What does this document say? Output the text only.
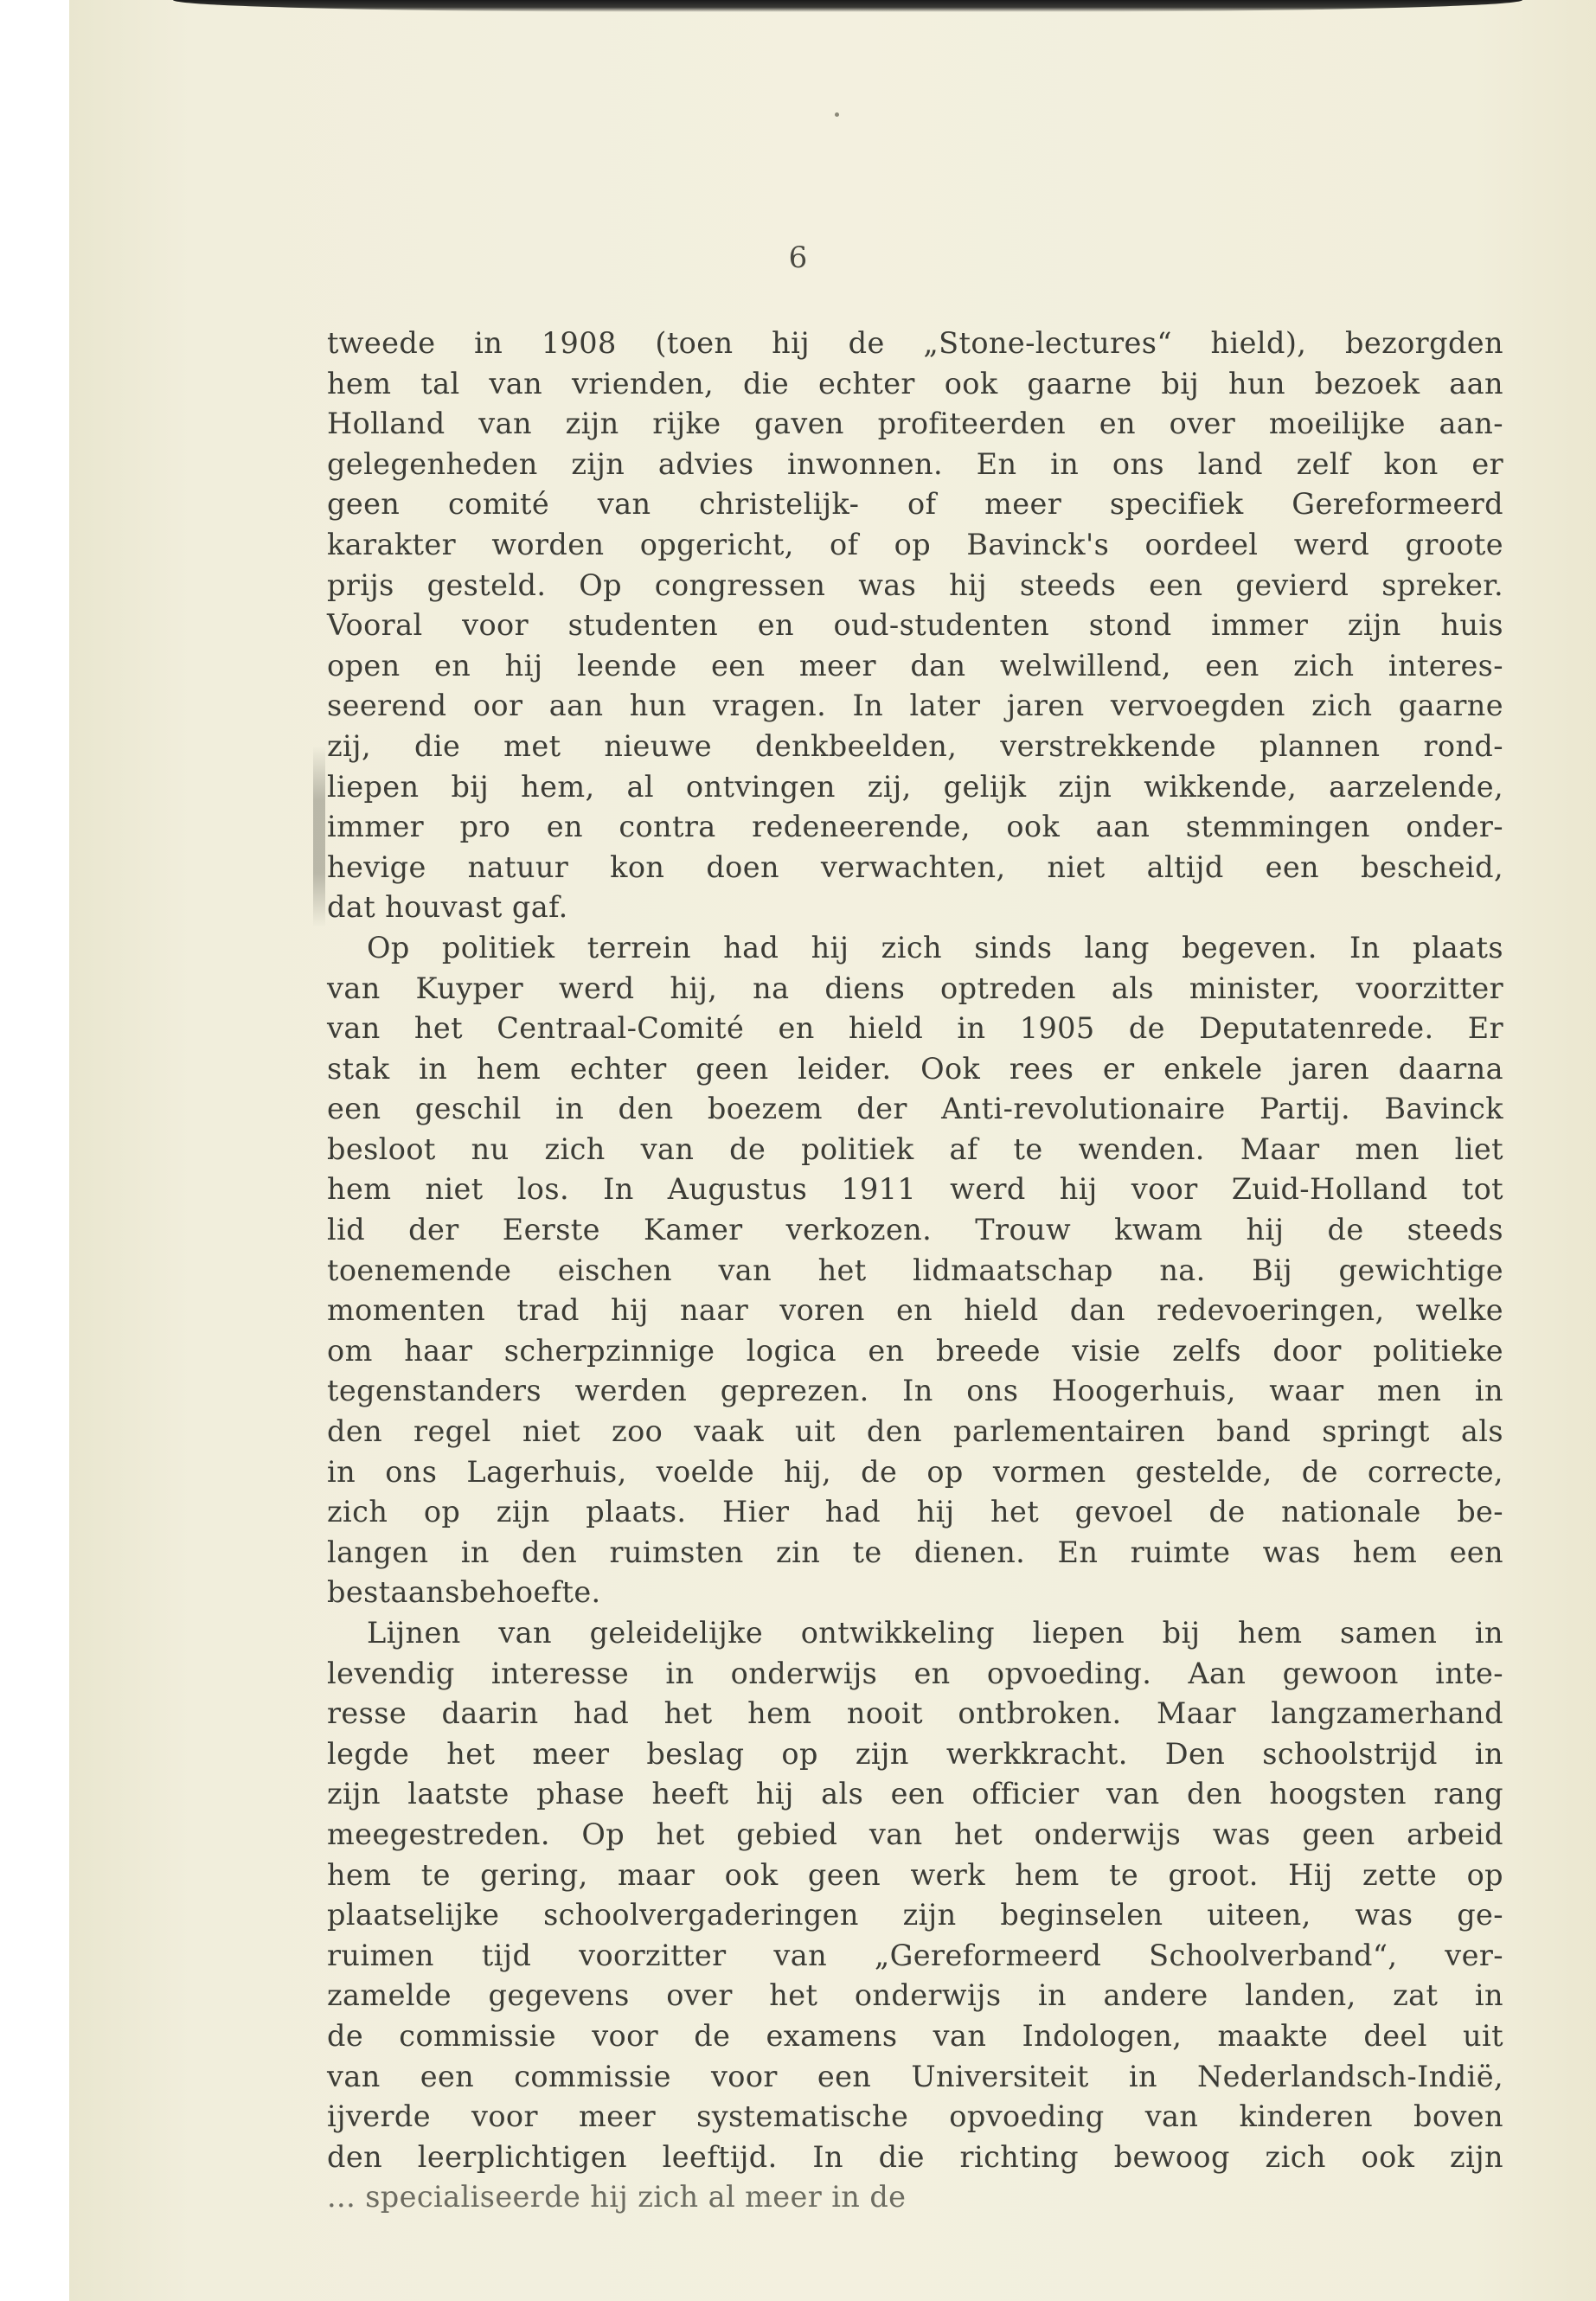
6
tweede in 1908 (toen hij de „Stone-lectures“ hield), bezorgden
hem tal van vrienden, die echter ook gaarne bij hun bezoek aan
Holland van zijn rijke gaven profiteerden en over moeilijke aan-
gelegenheden zijn advies inwonnen. En in ons land zelf kon er
geen comité van christelijk- of meer specifiek Gereformeerd
karakter worden opgericht, of op Bavinck's oordeel werd groote
prijs gesteld. Op congressen was hij steeds een gevierd spreker.
Vooral voor studenten en oud-studenten stond immer zijn huis
open en hij leende een meer dan welwillend, een zich interes-
seerend oor aan hun vragen. In later jaren vervoegden zich gaarne
zij, die met nieuwe denkbeelden, verstrekkende plannen rond-
liepen bij hem, al ontvingen zij, gelijk zijn wikkende, aarzelende,
immer pro en contra redeneerende, ook aan stemmingen onder-
hevige natuur kon doen verwachten, niet altijd een bescheid,
dat houvast gaf.
Op politiek terrein had hij zich sinds lang begeven. In plaats
van Kuyper werd hij, na diens optreden als minister, voorzitter
van het Centraal-Comité en hield in 1905 de Deputatenrede. Er
stak in hem echter geen leider. Ook rees er enkele jaren daarna
een geschil in den boezem der Anti-revolutionaire Partij. Bavinck
besloot nu zich van de politiek af te wenden. Maar men liet
hem niet los. In Augustus 1911 werd hij voor Zuid-Holland tot
lid der Eerste Kamer verkozen. Trouw kwam hij de steeds
toenemende eischen van het lidmaatschap na. Bij gewichtige
momenten trad hij naar voren en hield dan redevoeringen, welke
om haar scherpzinnige logica en breede visie zelfs door politieke
tegenstanders werden geprezen. In ons Hoogerhuis, waar men in
den regel niet zoo vaak uit den parlementairen band springt als
in ons Lagerhuis, voelde hij, de op vormen gestelde, de correcte,
zich op zijn plaats. Hier had hij het gevoel de nationale be-
langen in den ruimsten zin te dienen. En ruimte was hem een
bestaansbehoefte.
Lijnen van geleidelijke ontwikkeling liepen bij hem samen in
levendig interesse in onderwijs en opvoeding. Aan gewoon inte-
resse daarin had het hem nooit ontbroken. Maar langzamerhand
legde het meer beslag op zijn werkkracht. Den schoolstrijd in
zijn laatste phase heeft hij als een officier van den hoogsten rang
meegestreden. Op het gebied van het onderwijs was geen arbeid
hem te gering, maar ook geen werk hem te groot. Hij zette op
plaatselijke schoolvergaderingen zijn beginselen uiteen, was ge-
ruimen tijd voorzitter van „Gereformeerd Schoolverband“, ver-
zamelde gegevens over het onderwijs in andere landen, zat in
de commissie voor de examens van Indologen, maakte deel uit
van een commissie voor een Universiteit in Nederlandsch-Indië,
ijverde voor meer systematische opvoeding van kinderen boven
den leerplichtigen leeftijd. In die richting bewoog zich ook zijn
... specialiseerde hij zich al meer in de
